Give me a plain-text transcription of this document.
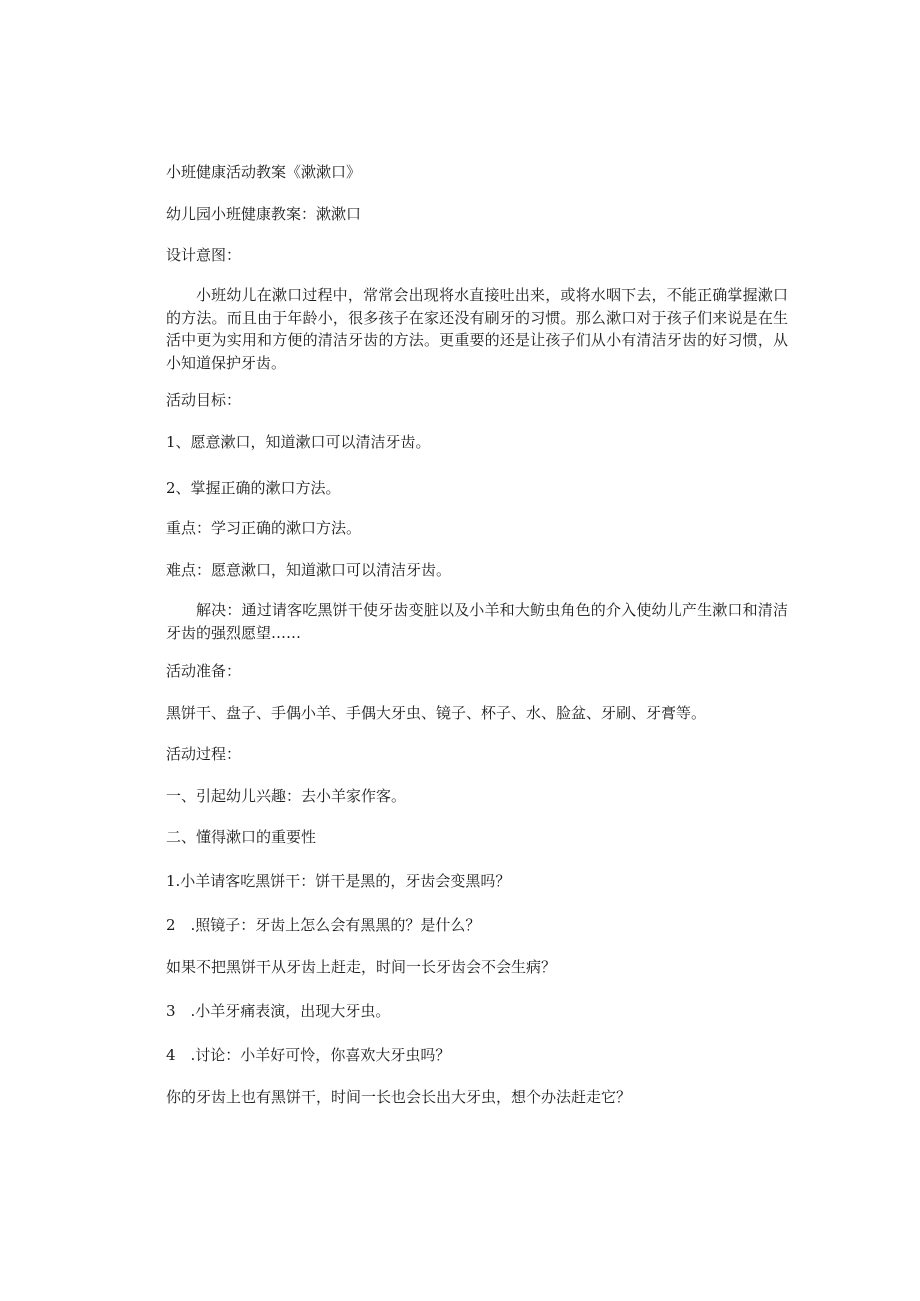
小班健康活动教案《漱漱口》

幼儿园小班健康教案：漱漱口

设计意图：

小班幼儿在漱口过程中，常常会出现将水直接吐出来，或将水咽下去，不能正确掌握漱口的方法。而且由于年龄小，很多孩子在家还没有刷牙的习惯。那么漱口对于孩子们来说是在生活中更为实用和方便的清洁牙齿的方法。更重要的还是让孩子们从小有清洁牙齿的好习惯，从小知道保护牙齿。

活动目标：

1、愿意漱口，知道漱口可以清洁牙齿。

2、掌握正确的漱口方法。

重点：学习正确的漱口方法。

难点：愿意漱口，知道漱口可以清洁牙齿。

解决：通过请客吃黑饼干使牙齿变脏以及小羊和大鲂虫角色的介入使幼儿产生漱口和清洁牙齿的强烈愿望……

活动准备：

黑饼干、盘子、手偶小羊、手偶大牙虫、镜子、杯子、水、脸盆、牙刷、牙膏等。

活动过程：

一、引起幼儿兴趣：去小羊家作客。

二、懂得漱口的重要性

1.小羊请客吃黑饼干：饼干是黑的，牙齿会变黑吗？

2　.照镜子：牙齿上怎么会有黑黑的？是什么？

如果不把黑饼干从牙齿上赶走，时间一长牙齿会不会生病？

3　.小羊牙痛表演，出现大牙虫。

4　.讨论：小羊好可怜，你喜欢大牙虫吗？

你的牙齿上也有黑饼干，时间一长也会长出大牙虫，想个办法赶走它？
